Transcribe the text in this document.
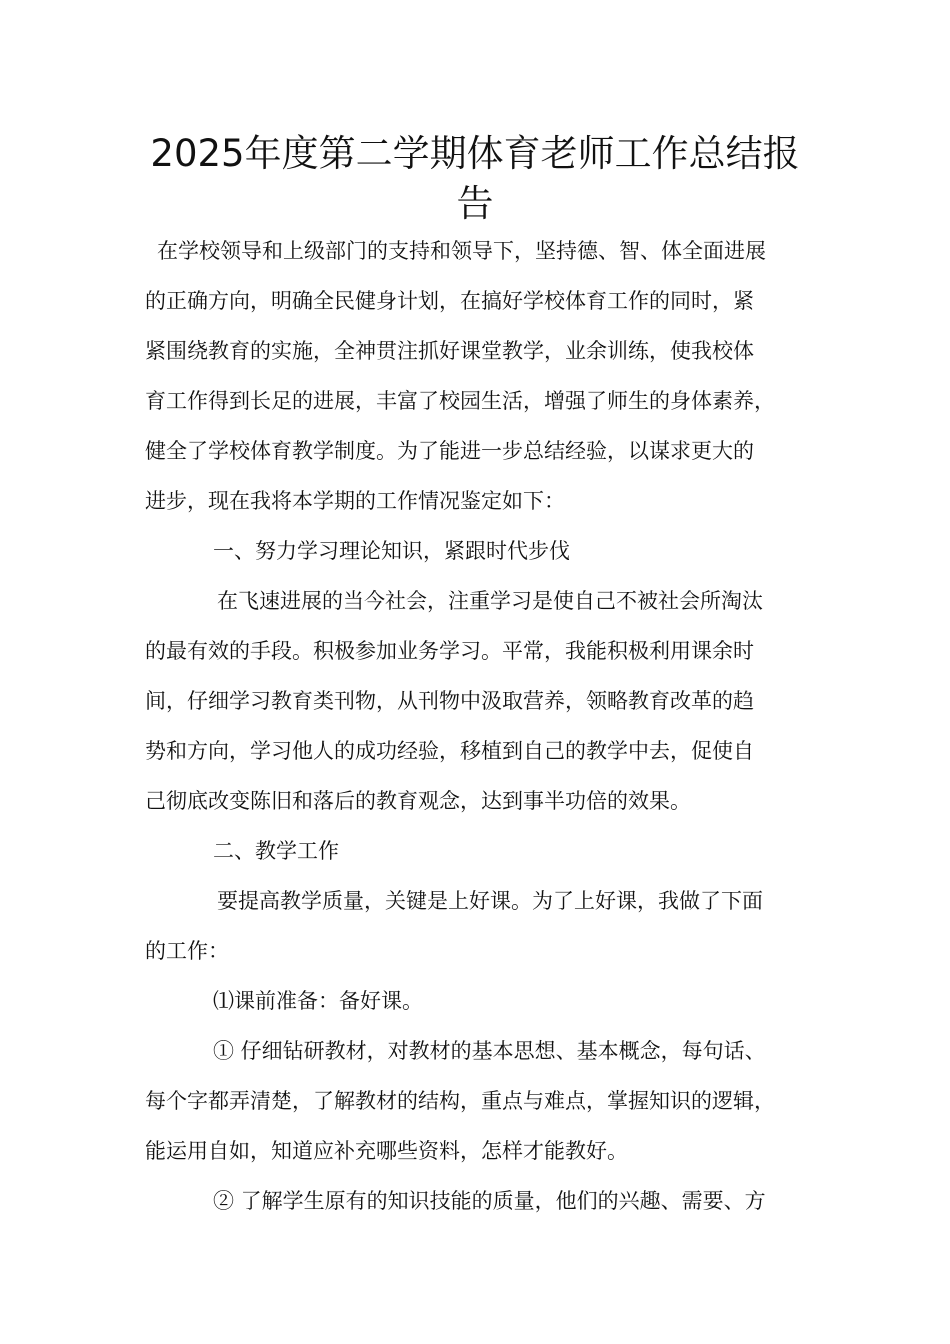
2025年度第二学期体育老师工作总结报
告
在学校领导和上级部门的支持和领导下，坚持德、智、体全面进展
的正确方向，明确全民健身计划，在搞好学校体育工作的同时，紧
紧围绕教育的实施，全神贯注抓好课堂教学，业余训练，使我校体
育工作得到长足的进展，丰富了校园生活，增强了师生的身体素养，
健全了学校体育教学制度。为了能进一步总结经验，以谋求更大的
进步，现在我将本学期的工作情况鉴定如下：
一、努力学习理论知识，紧跟时代步伐
在飞速进展的当今社会，注重学习是使自己不被社会所淘汰
的最有效的手段。积极参加业务学习。平常，我能积极利用课余时
间，仔细学习教育类刊物，从刊物中汲取营养，领略教育改革的趋
势和方向，学习他人的成功经验，移植到自己的教学中去，促使自
己彻底改变陈旧和落后的教育观念，达到事半功倍的效果。
二、教学工作
要提高教学质量，关键是上好课。为了上好课，我做了下面
的工作：
⑴课前准备：备好课。
① 仔细钻研教材，对教材的基本思想、基本概念，每句话、
每个字都弄清楚，了解教材的结构，重点与难点，掌握知识的逻辑，
能运用自如，知道应补充哪些资料，怎样才能教好。
② 了解学生原有的知识技能的质量，他们的兴趣、需要、方
